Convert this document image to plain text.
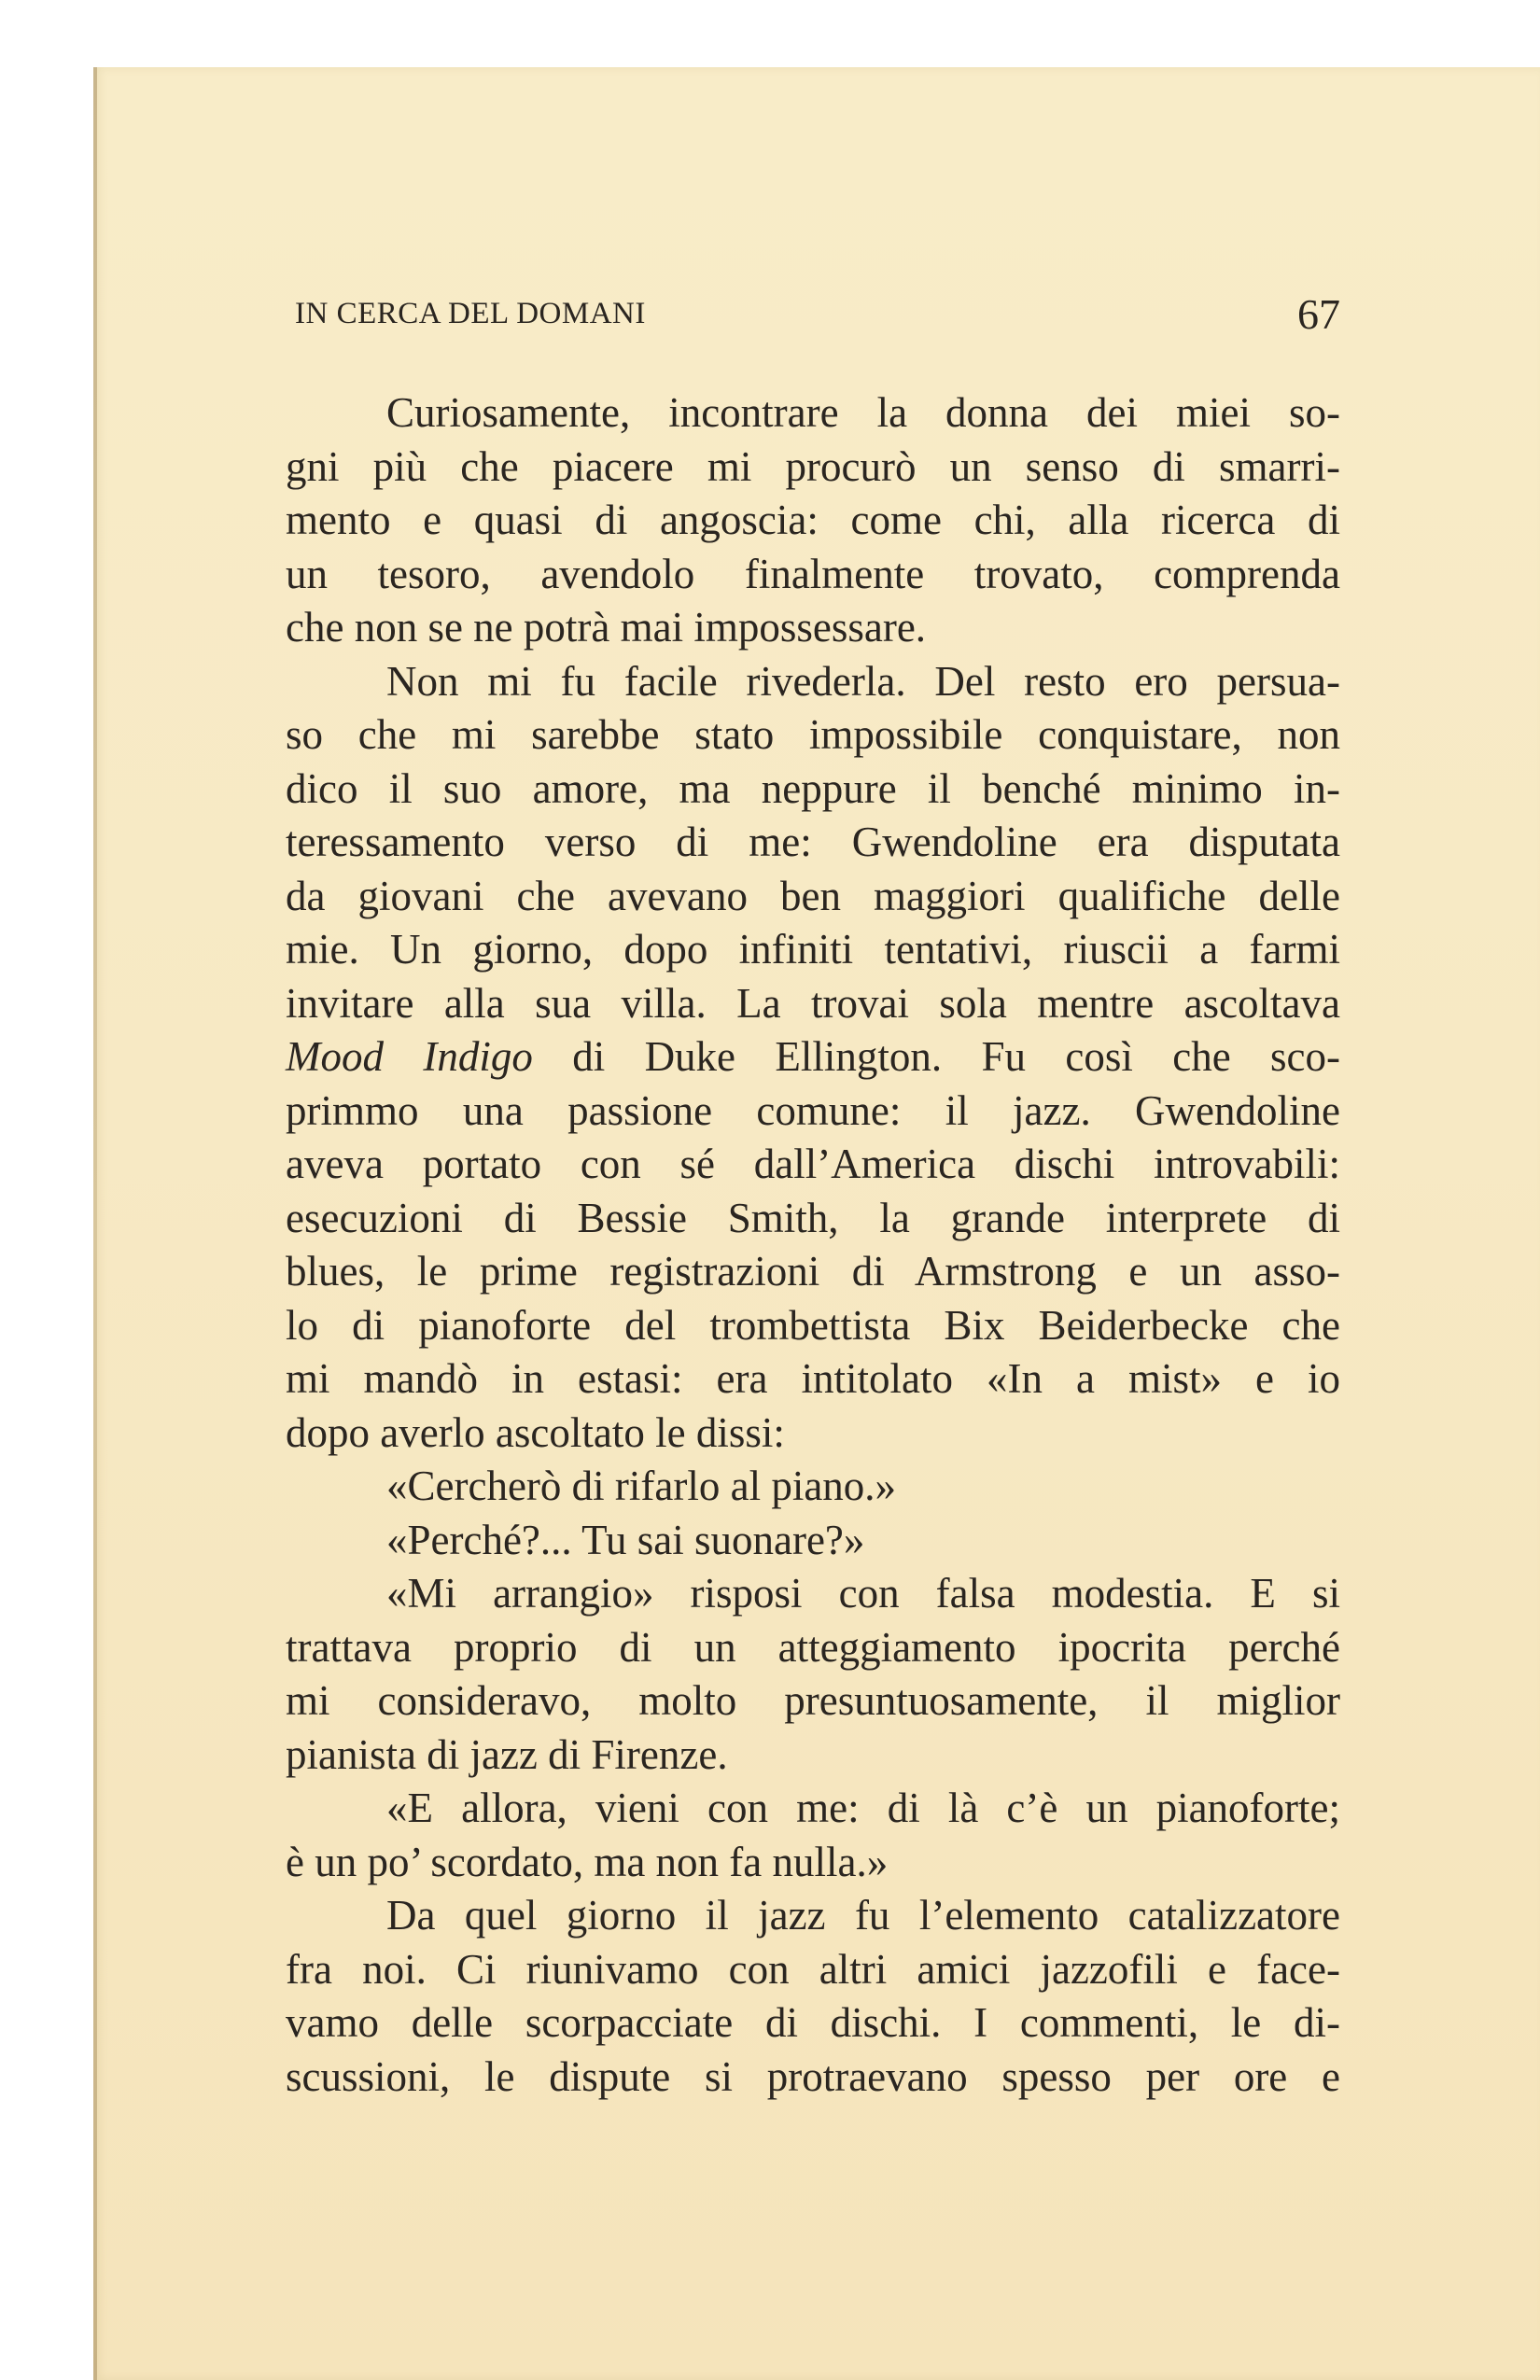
IN CERCA DEL DOMANI	67
Curiosamente, incontrare la donna dei miei so-
gni più che piacere mi procurò un senso di smarri-
mento e quasi di angoscia: come chi, alla ricerca di
un tesoro, avendolo finalmente trovato, comprenda
che non se ne potrà mai impossessare.
Non mi fu facile rivederla. Del resto ero persua-
so che mi sarebbe stato impossibile conquistare, non
dico il suo amore, ma neppure il benché minimo in-
teressamento verso di me: Gwendoline era disputata
da giovani che avevano ben maggiori qualifiche delle
mie. Un giorno, dopo infiniti tentativi, riuscii a farmi
invitare alla sua villa. La trovai sola mentre ascoltava
Mood Indigo di Duke Ellington. Fu così che sco-
primmo una passione comune: il jazz. Gwendoline
aveva portato con sé dall’America dischi introvabili:
esecuzioni di Bessie Smith, la grande interprete di
blues, le prime registrazioni di Armstrong e un asso-
lo di pianoforte del trombettista Bix Beiderbecke che
mi mandò in estasi: era intitolato «In a mist» e io
dopo averlo ascoltato le dissi:
«Cercherò di rifarlo al piano.»
«Perché?... Tu sai suonare?»
«Mi arrangio» risposi con falsa modestia. E si
trattava proprio di un atteggiamento ipocrita perché
mi consideravo, molto presuntuosamente, il miglior
pianista di jazz di Firenze.
«E allora, vieni con me: di là c’è un pianoforte;
è un po’ scordato, ma non fa nulla.»
Da quel giorno il jazz fu l’elemento catalizzatore
fra noi. Ci riunivamo con altri amici jazzofili e face-
vamo delle scorpacciate di dischi. I commenti, le di-
scussioni, le dispute si protraevano spesso per ore e
